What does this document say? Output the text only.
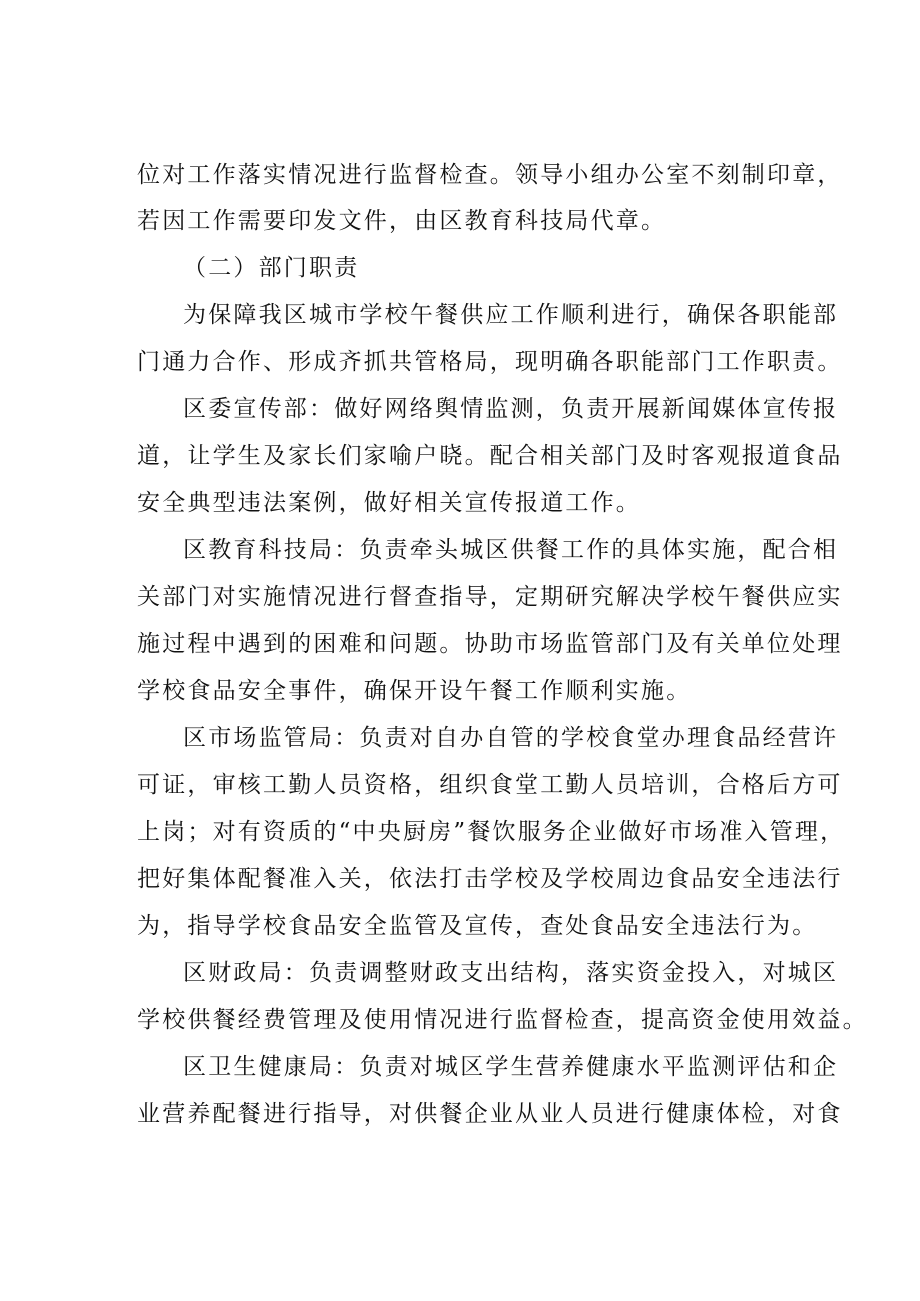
位对工作落实情况进行监督检查。领导小组办公室不刻制印章，
若因工作需要印发文件，由区教育科技局代章。
（二）部门职责
为保障我区城市学校午餐供应工作顺利进行，确保各职能部
门通力合作、形成齐抓共管格局，现明确各职能部门工作职责。
区委宣传部：做好网络舆情监测，负责开展新闻媒体宣传报
道，让学生及家长们家喻户晓。配合相关部门及时客观报道食品
安全典型违法案例，做好相关宣传报道工作。
区教育科技局：负责牵头城区供餐工作的具体实施，配合相
关部门对实施情况进行督查指导，定期研究解决学校午餐供应实
施过程中遇到的困难和问题。协助市场监管部门及有关单位处理
学校食品安全事件，确保开设午餐工作顺利实施。
区市场监管局：负责对自办自管的学校食堂办理食品经营许
可证，审核工勤人员资格，组织食堂工勤人员培训，合格后方可
上岗；对有资质的“中央厨房”餐饮服务企业做好市场准入管理，
把好集体配餐准入关，依法打击学校及学校周边食品安全违法行
为，指导学校食品安全监管及宣传，查处食品安全违法行为。
区财政局：负责调整财政支出结构，落实资金投入，对城区
学校供餐经费管理及使用情况进行监督检查，提高资金使用效益。
区卫生健康局：负责对城区学生营养健康水平监测评估和企
业营养配餐进行指导，对供餐企业从业人员进行健康体检，对食
